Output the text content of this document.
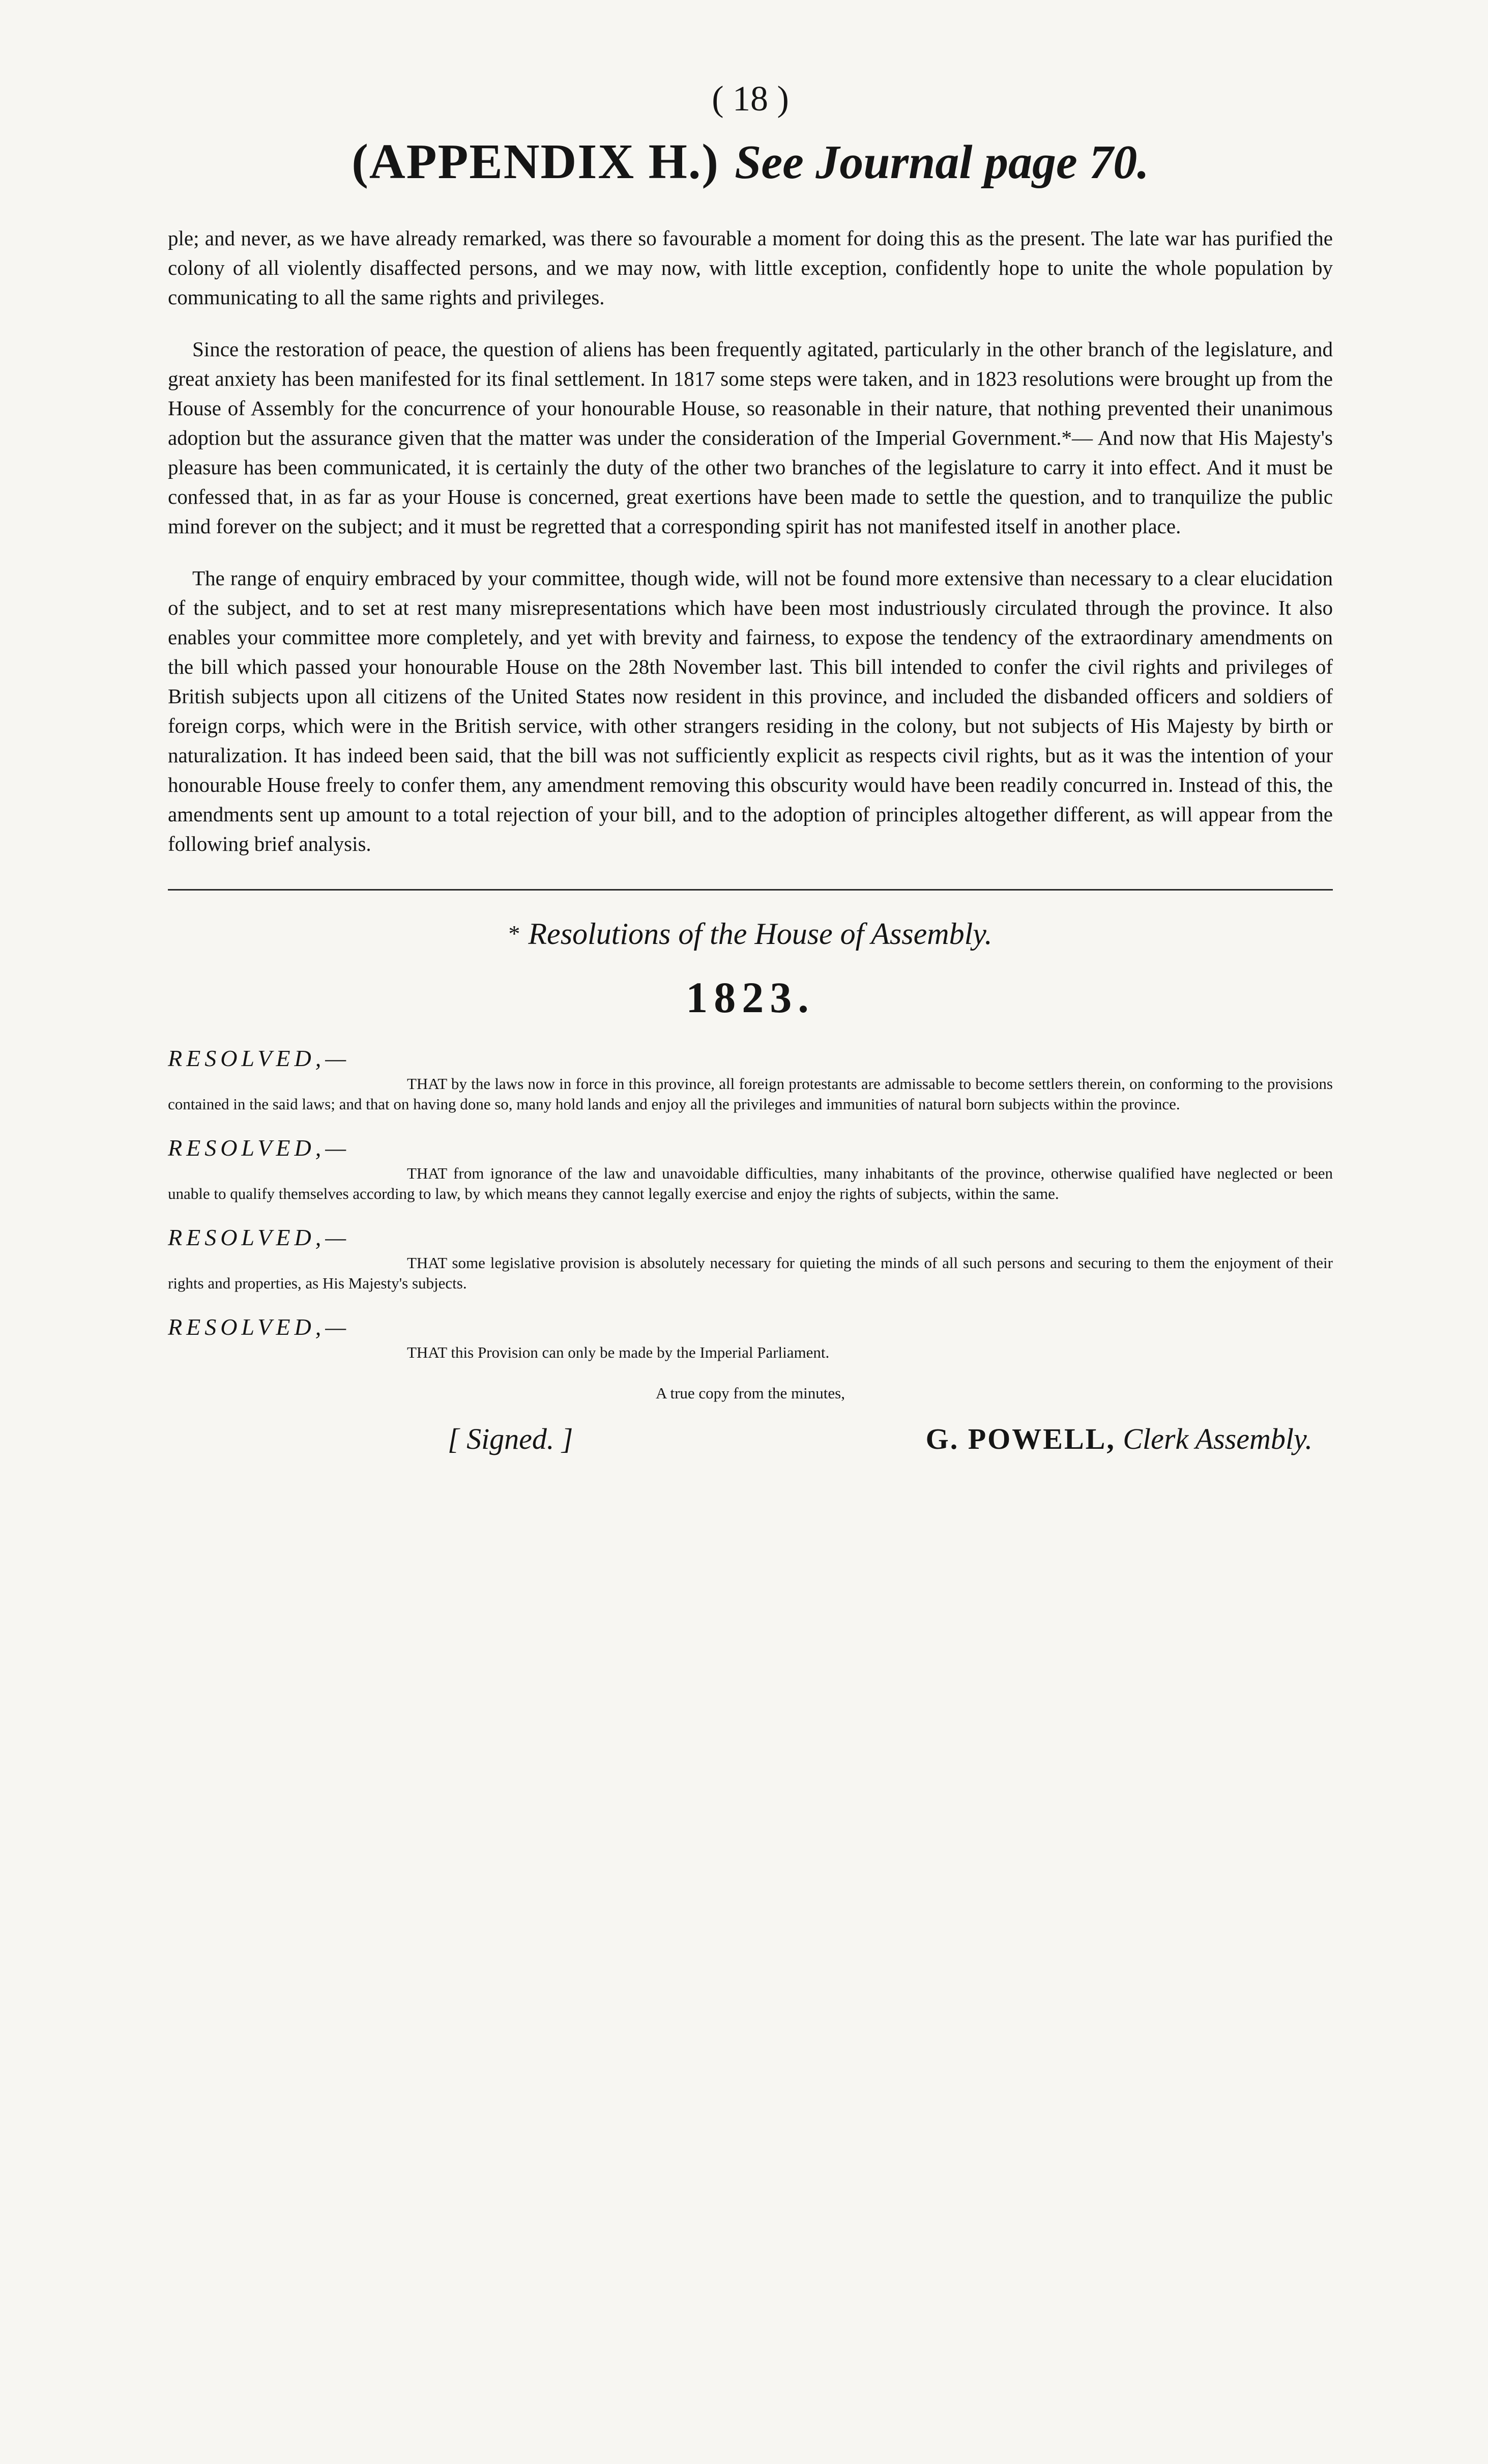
( 18 )

(APPENDIX H.) See Journal page 70.

ple; and never, as we have already remarked, was there so favourable a moment for doing this as the present. The late war has purified the colony of all violently disaffected persons, and we may now, with little exception, confidently hope to unite the whole population by communicating to all the same rights and privileges.

Since the restoration of peace, the question of aliens has been frequently agitated, particularly in the other branch of the legislature, and great anxiety has been manifested for its final settlement. In 1817 some steps were taken, and in 1823 resolutions were brought up from the House of Assembly for the concurrence of your honourable House, so reasonable in their nature, that nothing prevented their unanimous adoption but the assurance given that the matter was under the consideration of the Imperial Government.*— And now that His Majesty's pleasure has been communicated, it is certainly the duty of the other two branches of the legislature to carry it into effect. And it must be confessed that, in as far as your House is concerned, great exertions have been made to settle the question, and to tranquilize the public mind forever on the subject; and it must be regretted that a corresponding spirit has not manifested itself in another place.

The range of enquiry embraced by your committee, though wide, will not be found more extensive than necessary to a clear elucidation of the subject, and to set at rest many misrepresentations which have been most industriously circulated through the province. It also enables your committee more completely, and yet with brevity and fairness, to expose the tendency of the extraordinary amendments on the bill which passed your honourable House on the 28th November last. This bill intended to confer the civil rights and privileges of British subjects upon all citizens of the United States now resident in this province, and included the disbanded officers and soldiers of foreign corps, which were in the British service, with other strangers residing in the colony, but not subjects of His Majesty by birth or naturalization. It has indeed been said, that the bill was not sufficiently explicit as respects civil rights, but as it was the intention of your honourable House freely to confer them, any amendment removing this obscurity would have been readily concurred in. Instead of this, the amendments sent up amount to a total rejection of your bill, and to the adoption of principles altogether different, as will appear from the following brief analysis.

* Resolutions of the House of Assembly.

1823.

RESOLVED,—

THAT by the laws now in force in this province, all foreign protestants are admissable to become settlers therein, on conforming to the provisions contained in the said laws; and that on having done so, many hold lands and enjoy all the privileges and immunities of natural born subjects within the province.

RESOLVED,—

THAT from ignorance of the law and unavoidable difficulties, many inhabitants of the province, otherwise qualified have neglected or been unable to qualify themselves according to law, by which means they cannot legally exercise and enjoy the rights of subjects, within the same.

RESOLVED,—

THAT some legislative provision is absolutely necessary for quieting the minds of all such persons and securing to them the enjoyment of their rights and properties, as His Majesty's subjects.

RESOLVED,—

THAT this Provision can only be made by the Imperial Parliament.

A true copy from the minutes,

[ Signed. ]	G. POWELL, Clerk Assembly.
